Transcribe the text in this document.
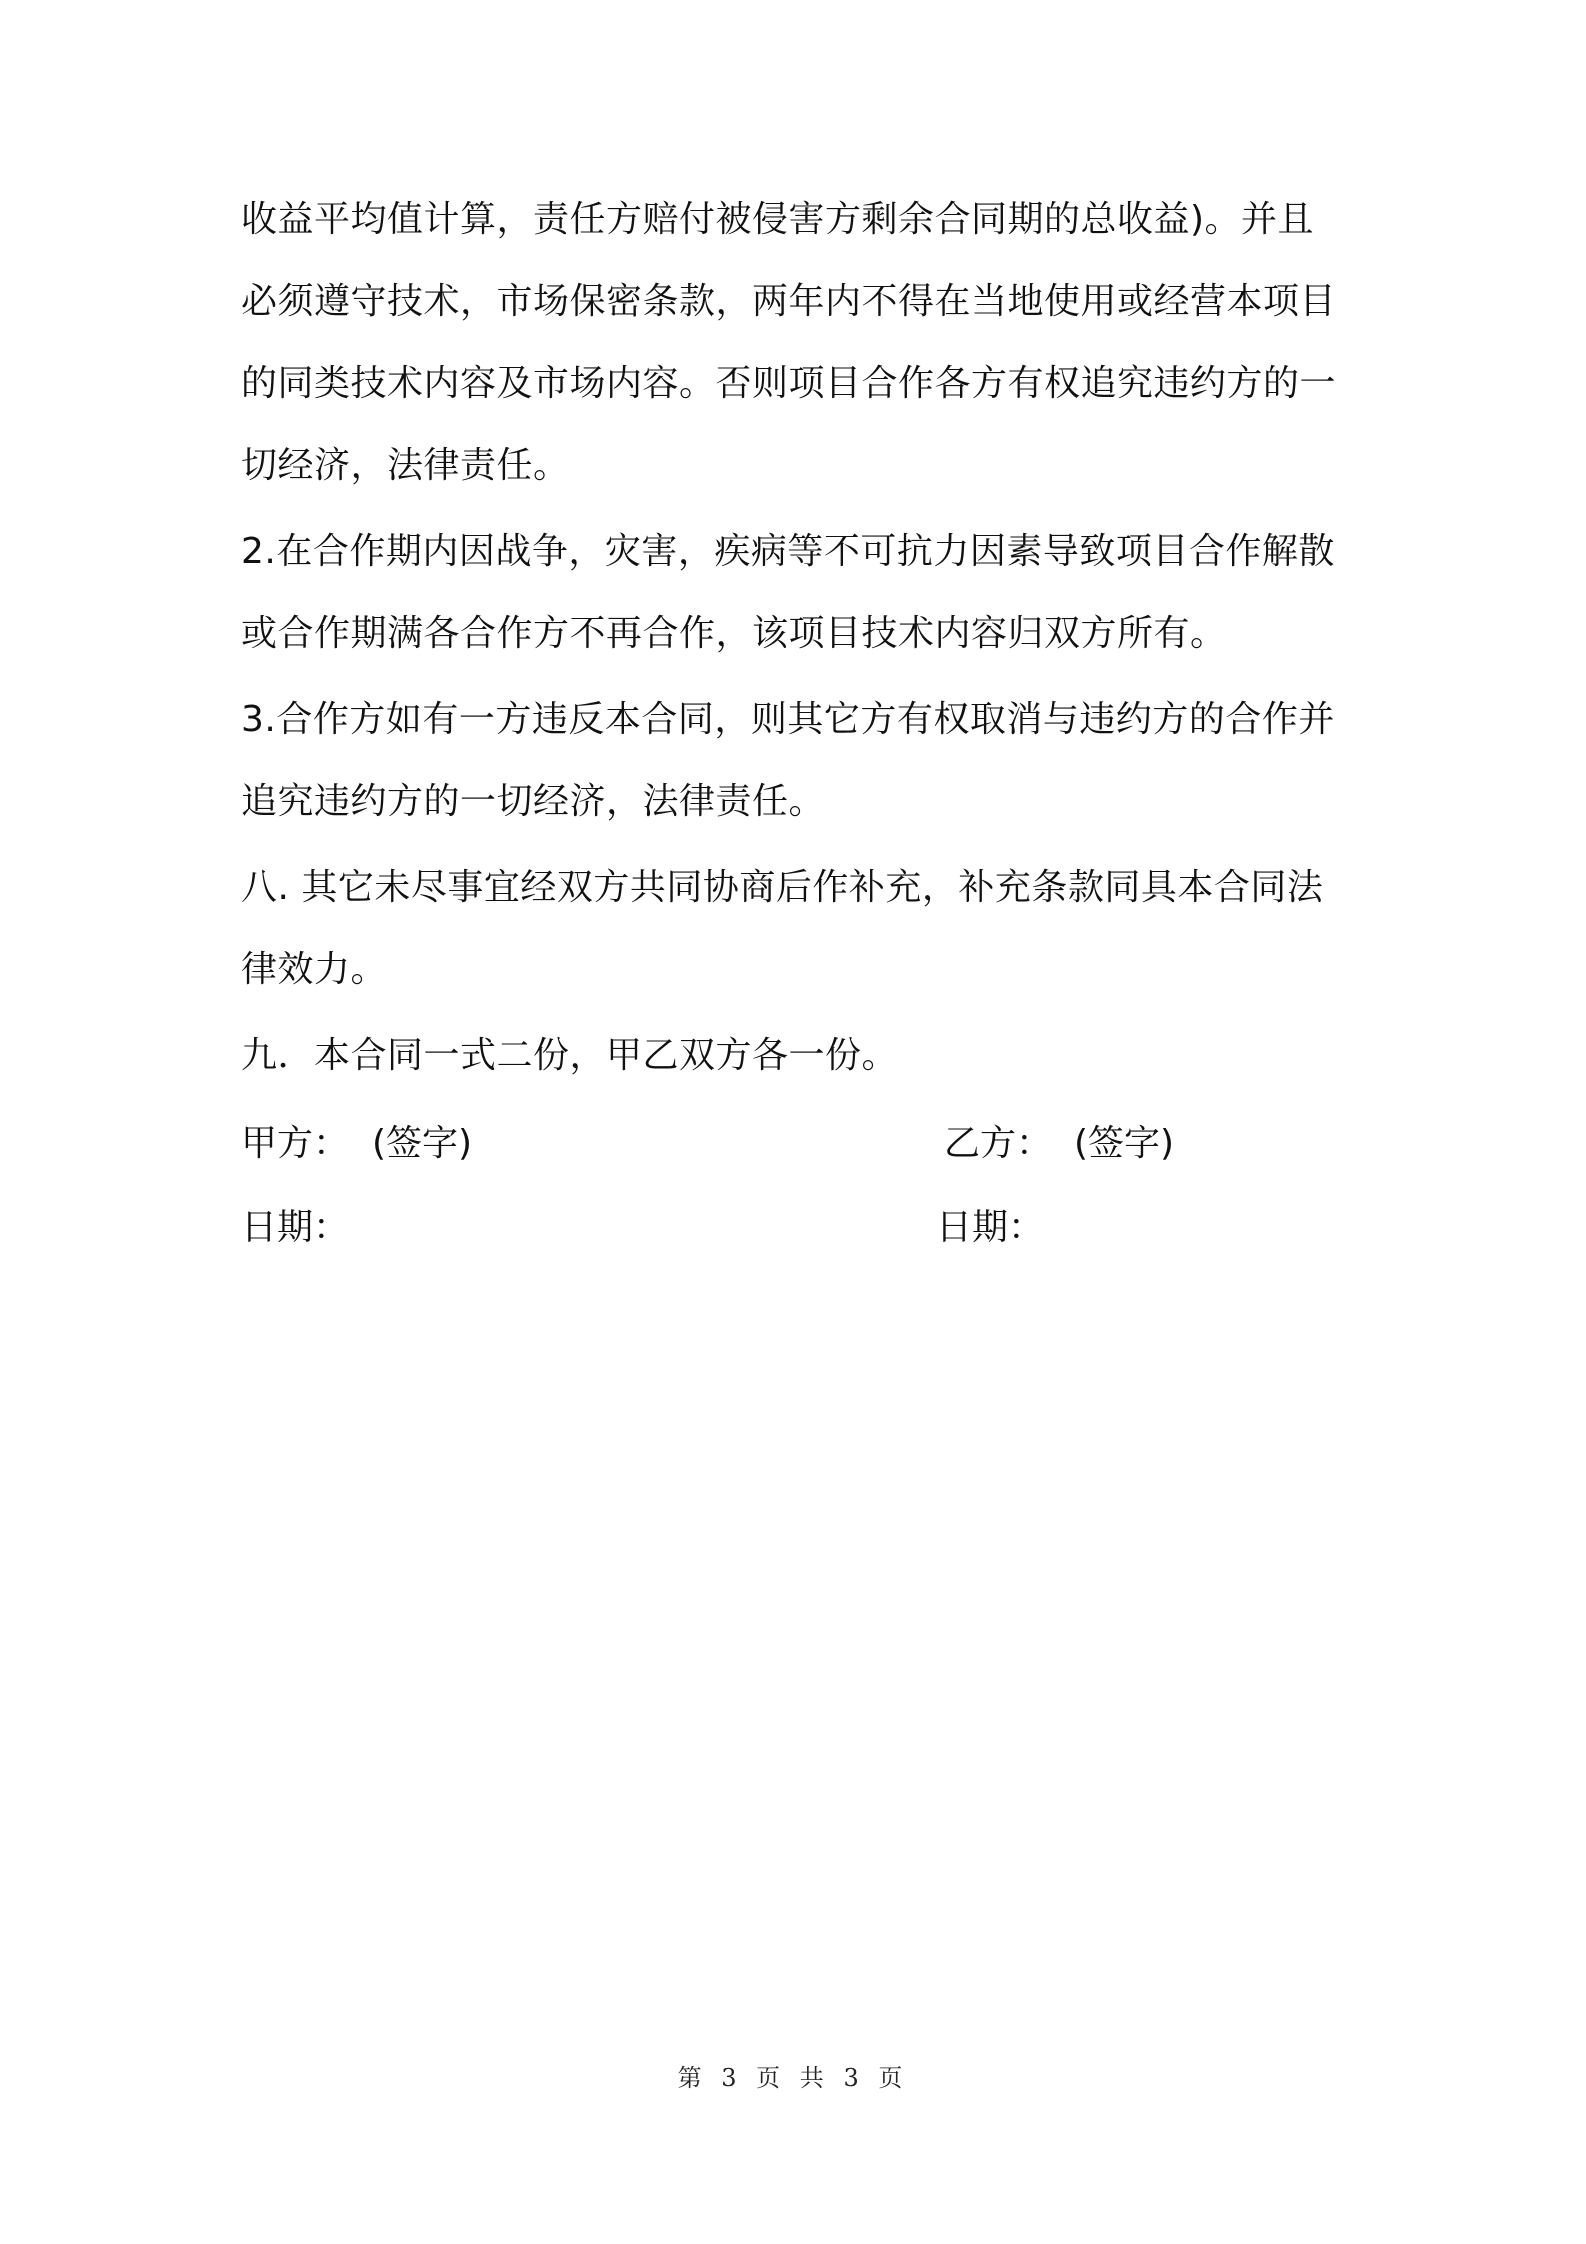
收益平均值计算，责任方赔付被侵害方剩余合同期的总收益)。并且
必须遵守技术，市场保密条款，两年内不得在当地使用或经营本项目
的同类技术内容及市场内容。否则项目合作各方有权追究违约方的一
切经济，法律责任。
2.在合作期内因战争，灾害，疾病等不可抗力因素导致项目合作解散
或合作期满各合作方不再合作，该项目技术内容归双方所有。
3.合作方如有一方违反本合同，则其它方有权取消与违约方的合作并
追究违约方的一切经济，法律责任。
八. 其它未尽事宜经双方共同协商后作补充，补充条款同具本合同法
律效力。
九．本合同一式二份，甲乙双方各一份。
甲方： (签字)	乙方： (签字)
日期：	日期：
第 3 页 共 3 页
